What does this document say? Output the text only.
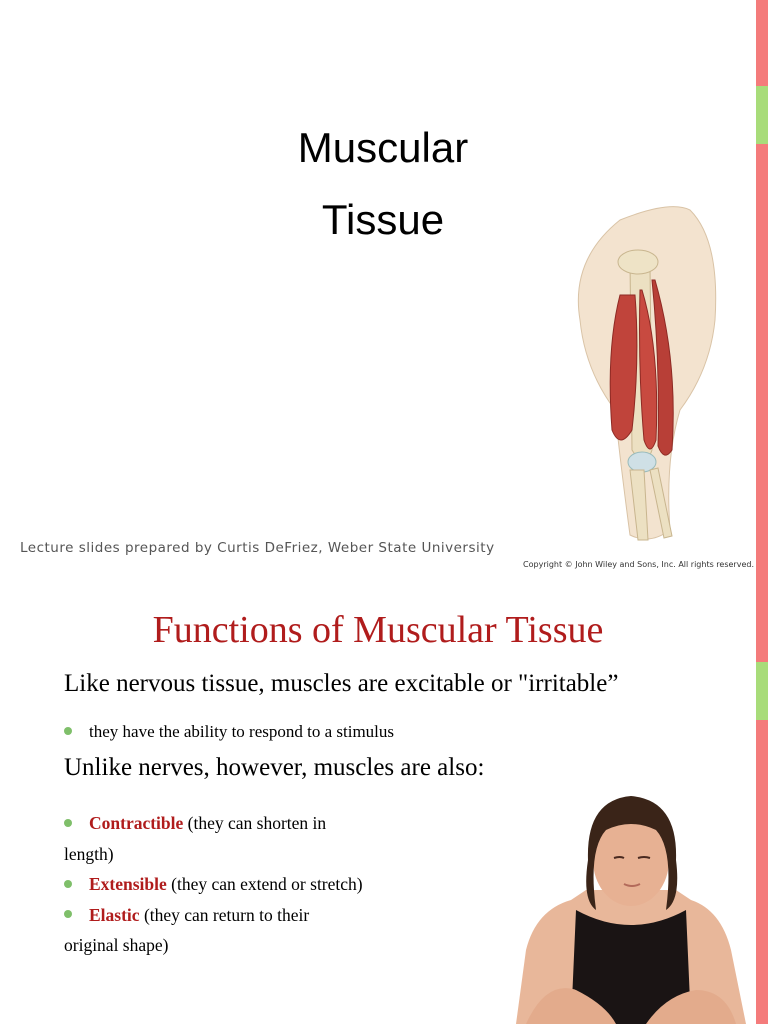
Muscular
Tissue
Lecture slides prepared by Curtis DeFriez, Weber State University
Copyright © John Wiley and Sons, Inc. All rights reserved.
Functions of Muscular Tissue
Like nervous tissue, muscles are excitable or "irritable”
they have the ability to respond to a stimulus
Unlike nerves, however, muscles are also:
Contractible (they can shorten in length)
Extensible (they can extend or stretch)
Elastic (they can return to their original shape)
